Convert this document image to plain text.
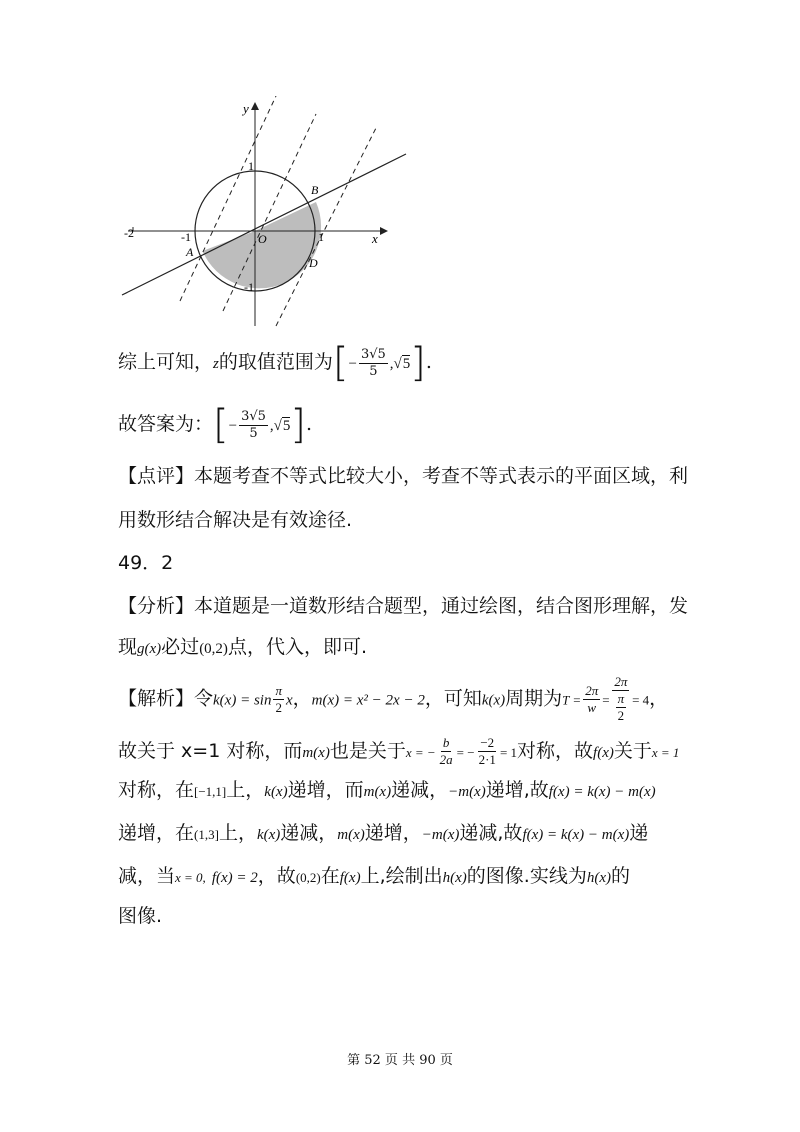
x
y
-2	-1	1
1
-1
O
A
B
D
综上可知，z的取值范围为[− $\frac{3√5}{5} ,√5$].
故答案为：[− $\frac{3√5}{5} ,√5$].
【点评】本题考查不等式比较大小，考查不等式表示的平面区域，利
用数形结合解决是有效途径.
49．2
【分析】本道题是一道数形结合题型，通过绘图，结合图形理解，发
现g(x)必过(0,2)点，代入，即可.
【解析】令$k(x) = \sin \frac{\pi}{2}$ x，m(x) = x² − 2x − 2，可知k(x)周期为$T = \frac{2\pi}{w} = \frac{2\pi}{\frac{\pi}{2}} = 4$，
故关于 x=1 对称，而m(x)也是关于x = − $\frac{b}{2a}$ = − $\frac{-2}{2\cdot 1} = 1$对称，故f(x)关于x = 1
对称，在[−1,1]上，k(x)递增，而m(x)递减，−m(x)递增,故f(x) = k(x) − m(x)
递增，在(1,3]上，k(x)递减，m(x)递增，−m(x)递减,故f(x) = k(x) − m(x)递
减，当x = 0, f(x) = 2，故(0,2)在f(x)上,绘制出h(x)的图像.实线为h(x)的
图像.
第 52 页 共 90 页
